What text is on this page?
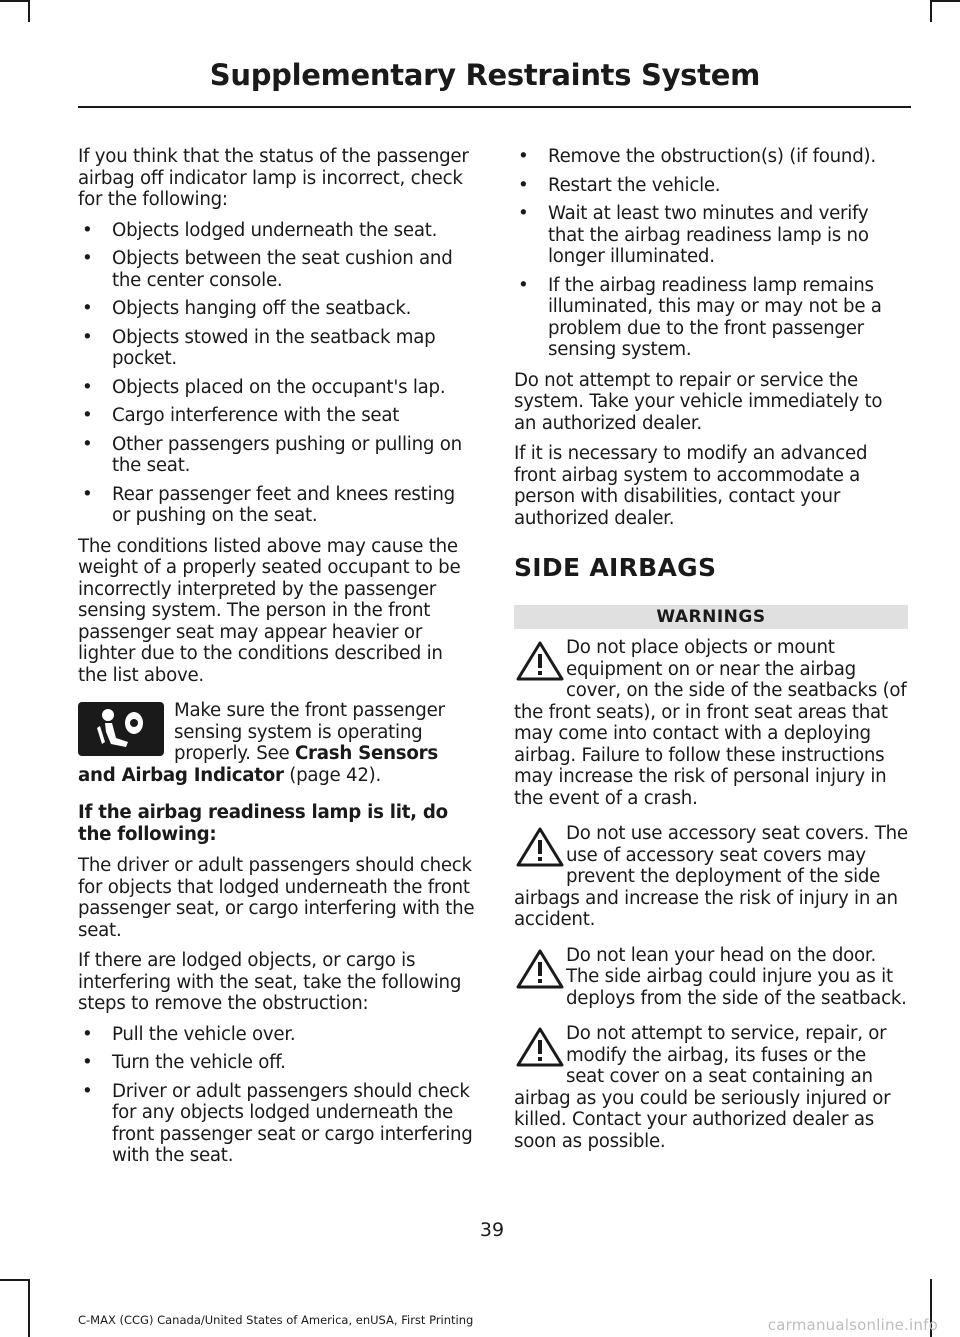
Supplementary Restraints System

If you think that the status of the passenger airbag off indicator lamp is incorrect, check for the following:

• Objects lodged underneath the seat.
• Objects between the seat cushion and the center console.
• Objects hanging off the seatback.
• Objects stowed in the seatback map pocket.
• Objects placed on the occupant's lap.
• Cargo interference with the seat
• Other passengers pushing or pulling on the seat.
• Rear passenger feet and knees resting or pushing on the seat.

The conditions listed above may cause the weight of a properly seated occupant to be incorrectly interpreted by the passenger sensing system. The person in the front passenger seat may appear heavier or lighter due to the conditions described in the list above.

Make sure the front passenger sensing system is operating properly. See Crash Sensors and Airbag Indicator (page 42).

If the airbag readiness lamp is lit, do the following:

The driver or adult passengers should check for objects that lodged underneath the front passenger seat, or cargo interfering with the seat.

If there are lodged objects, or cargo is interfering with the seat, take the following steps to remove the obstruction:

• Pull the vehicle over.
• Turn the vehicle off.
• Driver or adult passengers should check for any objects lodged underneath the front passenger seat or cargo interfering with the seat.
• Remove the obstruction(s) (if found).
• Restart the vehicle.
• Wait at least two minutes and verify that the airbag readiness lamp is no longer illuminated.
• If the airbag readiness lamp remains illuminated, this may or may not be a problem due to the front passenger sensing system.

Do not attempt to repair or service the system. Take your vehicle immediately to an authorized dealer.

If it is necessary to modify an advanced front airbag system to accommodate a person with disabilities, contact your authorized dealer.

SIDE AIRBAGS
WARNINGS
Do not place objects or mount equipment on or near the airbag cover, on the side of the seatbacks (of the front seats), or in front seat areas that may come into contact with a deploying airbag. Failure to follow these instructions may increase the risk of personal injury in the event of a crash.
Do not use accessory seat covers. The use of accessory seat covers may prevent the deployment of the side airbags and increase the risk of injury in an accident.
Do not lean your head on the door. The side airbag could injure you as it deploys from the side of the seatback.
Do not attempt to service, repair, or modify the airbag, its fuses or the seat cover on a seat containing an airbag as you could be seriously injured or killed. Contact your authorized dealer as soon as possible.
39
C-MAX (CCG) Canada/United States of America, enUSA, First Printing	carmanualsonline.info
